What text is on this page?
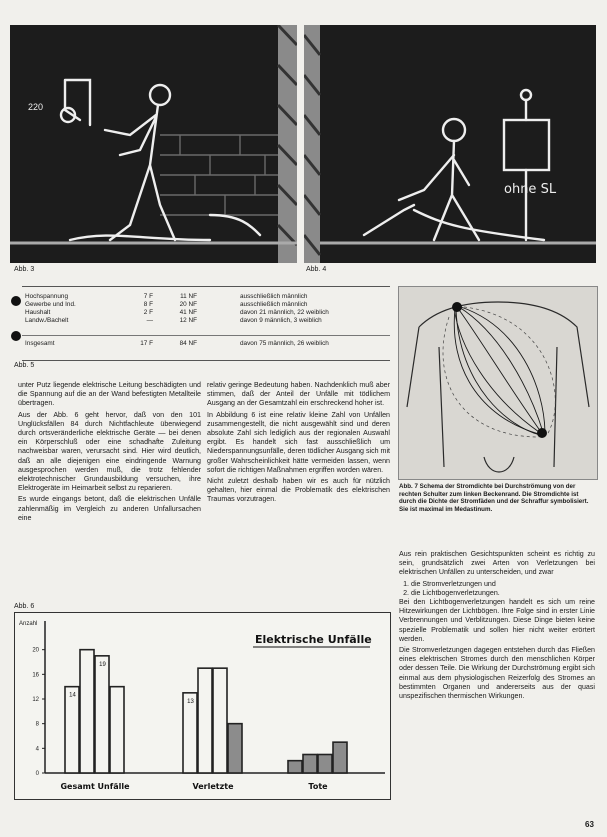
220
ohne SL
Abb. 3	Abb. 4
Hochspannung	7 F	11 NF	ausschließlich männlich
Gewerbe und Ind.	8 F	20 NF	ausschließlich männlich
Haushalt	2 F	41 NF	davon 21 männlich, 22 weiblich
Landw./Bachelt	—	12 NF	davon 9 männlich, 3 weiblich
Insgesamt	17 F	84 NF	davon 75 männlich, 26 weiblich
Abb. 5
Abb. 7 Schema der Stromdichte bei Durchströmung von der rechten Schulter zum linken Beckenrand. Die Stromdichte ist durch die Dichte der Stromfäden und der Schraffur symbolisiert. Sie ist maximal im Medastinum.

unter Putz liegende elektrische Leitung beschädigten und die Spannung auf die an der Wand befestigten Metallteile übertragen.

Aus der Abb. 6 geht hervor, daß von den 101 Unglücksfällen 84 durch Nichtfachleute überwiegend durch ortsveränderliche elektrische Geräte — bei denen ein Körperschluß oder eine schadhafte Zuleitung nachweisbar waren, verursacht sind. Hier wird deutlich, daß an alle diejenigen eine eindringende Warnung ausgesprochen werden muß, die trotz fehlender elektrotechnischer Grundausbildung versuchen, ihre Elektrogeräte im Heimarbeit selbst zu reparieren.

Es wurde eingangs betont, daß die elektrischen Unfälle zahlenmäßig im Vergleich zu anderen Unfallursachen eine

relativ geringe Bedeutung haben. Nachdenklich muß aber stimmen, daß der Anteil der Unfälle mit tödlichem Ausgang an der Gesamtzahl ein erschreckend hoher ist.

In Abbildung 6 ist eine relativ kleine Zahl von Unfällen zusammengestellt, die nicht ausgewählt sind und deren absolute Zahl sich lediglich aus der regionalen Auswahl ergibt. Es handelt sich fast ausschließlich um Niederspannungsunfälle, deren tödlicher Ausgang sich mit großer Wahrscheinlichkeit hätte vermeiden lassen, wenn sofort die richtigen Maßnahmen ergriffen worden wären.

Nicht zuletzt deshalb haben wir es auch für nützlich gehalten, hier einmal die Problematik des elektrischen Traumas vorzutragen.

Aus rein praktischen Gesichtspunkten scheint es richtig zu sein, grundsätzlich zwei Arten von Verletzungen bei elektrischen Unfällen zu unterscheiden, und zwar

1. die Stromverletzungen und
2. die Lichtbogenverletzungen.

Bei den Lichtbogenverletzungen handelt es sich um reine Hitzewirkungen der Lichtbögen. Ihre Folge sind in erster Linie Verbrennungen und Verblitzungen. Diese Dinge bieten keine spezielle Problematik und sollen hier nicht weiter erörtert werden.

Die Stromverletzungen dagegen entstehen durch das Fließen eines elektrischen Stromes durch den menschlichen Körper oder dessen Teile. Die Wirkung der Durchströmung ergibt sich einmal aus dem physiologischen Reizerfolg des Stromes an bestimmten Organen und andererseits aus der quasi unspezifischen thermischen Wirkungen.

Abb. 6
Anzahl
0
4
8
12
16
20
Elektrische Unfälle
14
19
Gesamt Unfälle
13
Verletzte	Tote
63
